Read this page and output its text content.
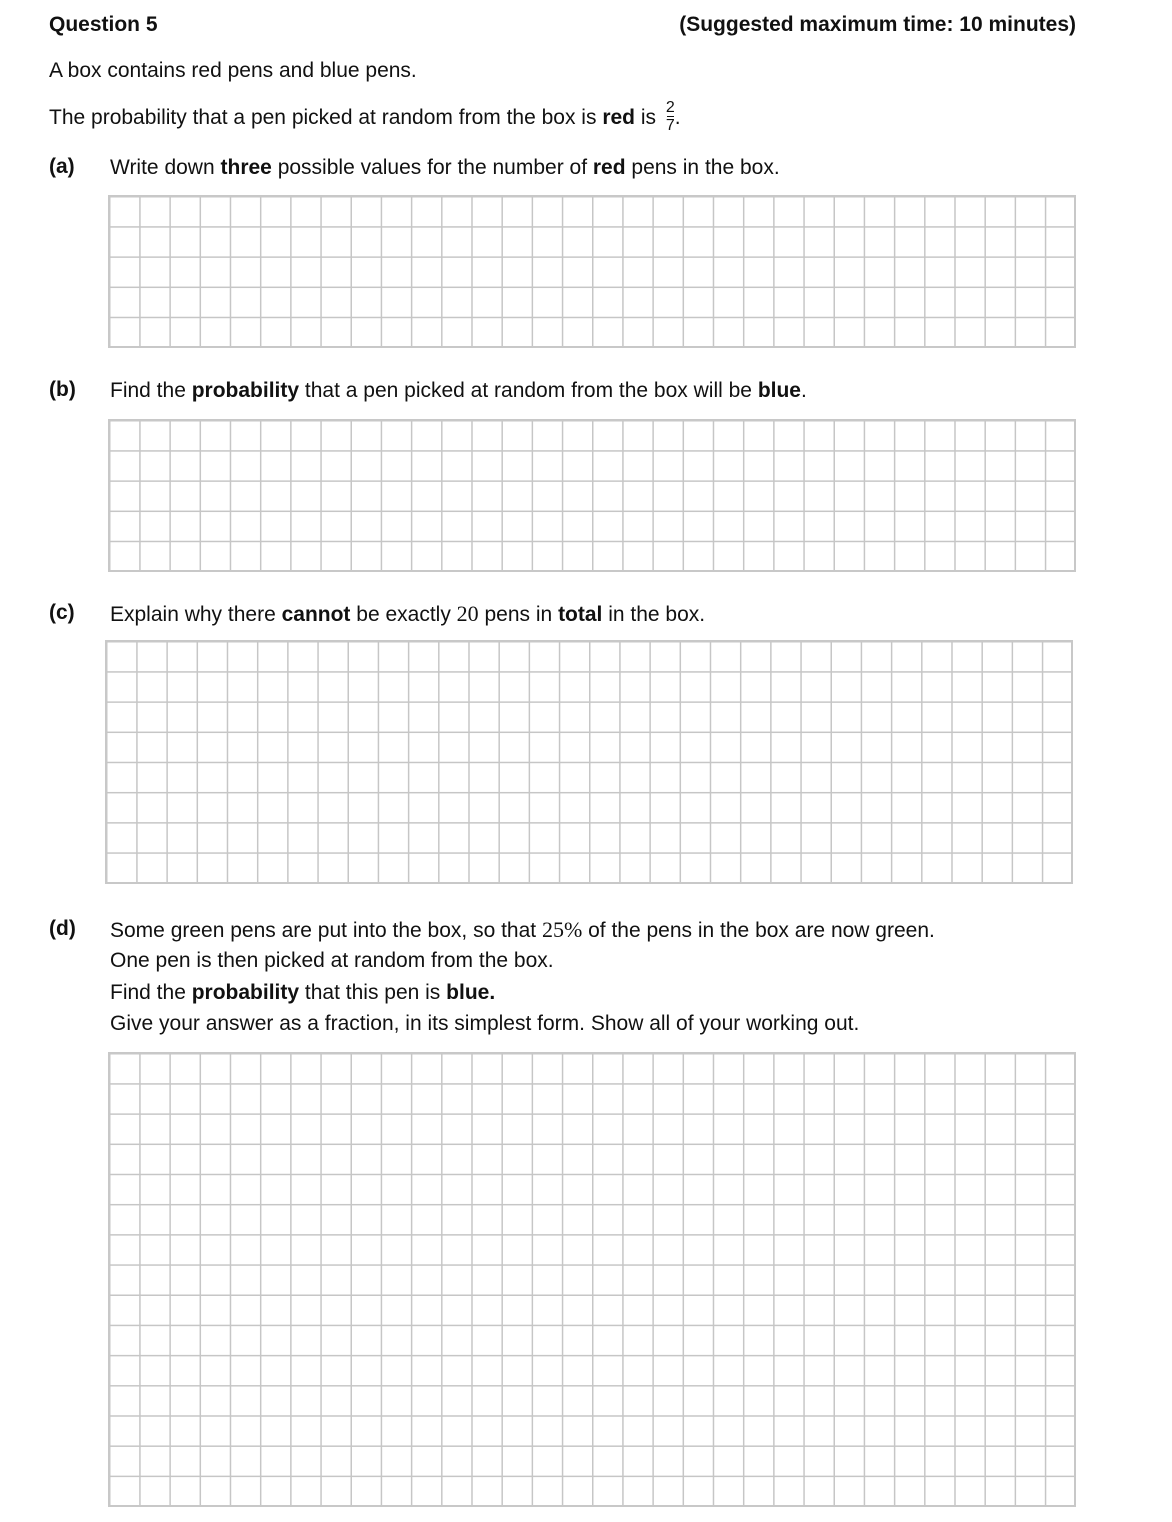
Question 5	(Suggested maximum time: 10 minutes)
A box contains red pens and blue pens.
The probability that a pen picked at random from the box is red is $\frac{2}{7}$ .
(a) Write down three possible values for the number of red pens in the box.
(b) Find the probability that a pen picked at random from the box will be blue.
(c) Explain why there cannot be exactly 20 pens in total in the box.
(d) Some green pens are put into the box, so that 25% of the pens in the box are now green.
One pen is then picked at random from the box.
Find the probability that this pen is blue.
Give your answer as a fraction, in its simplest form. Show all of your working out.
